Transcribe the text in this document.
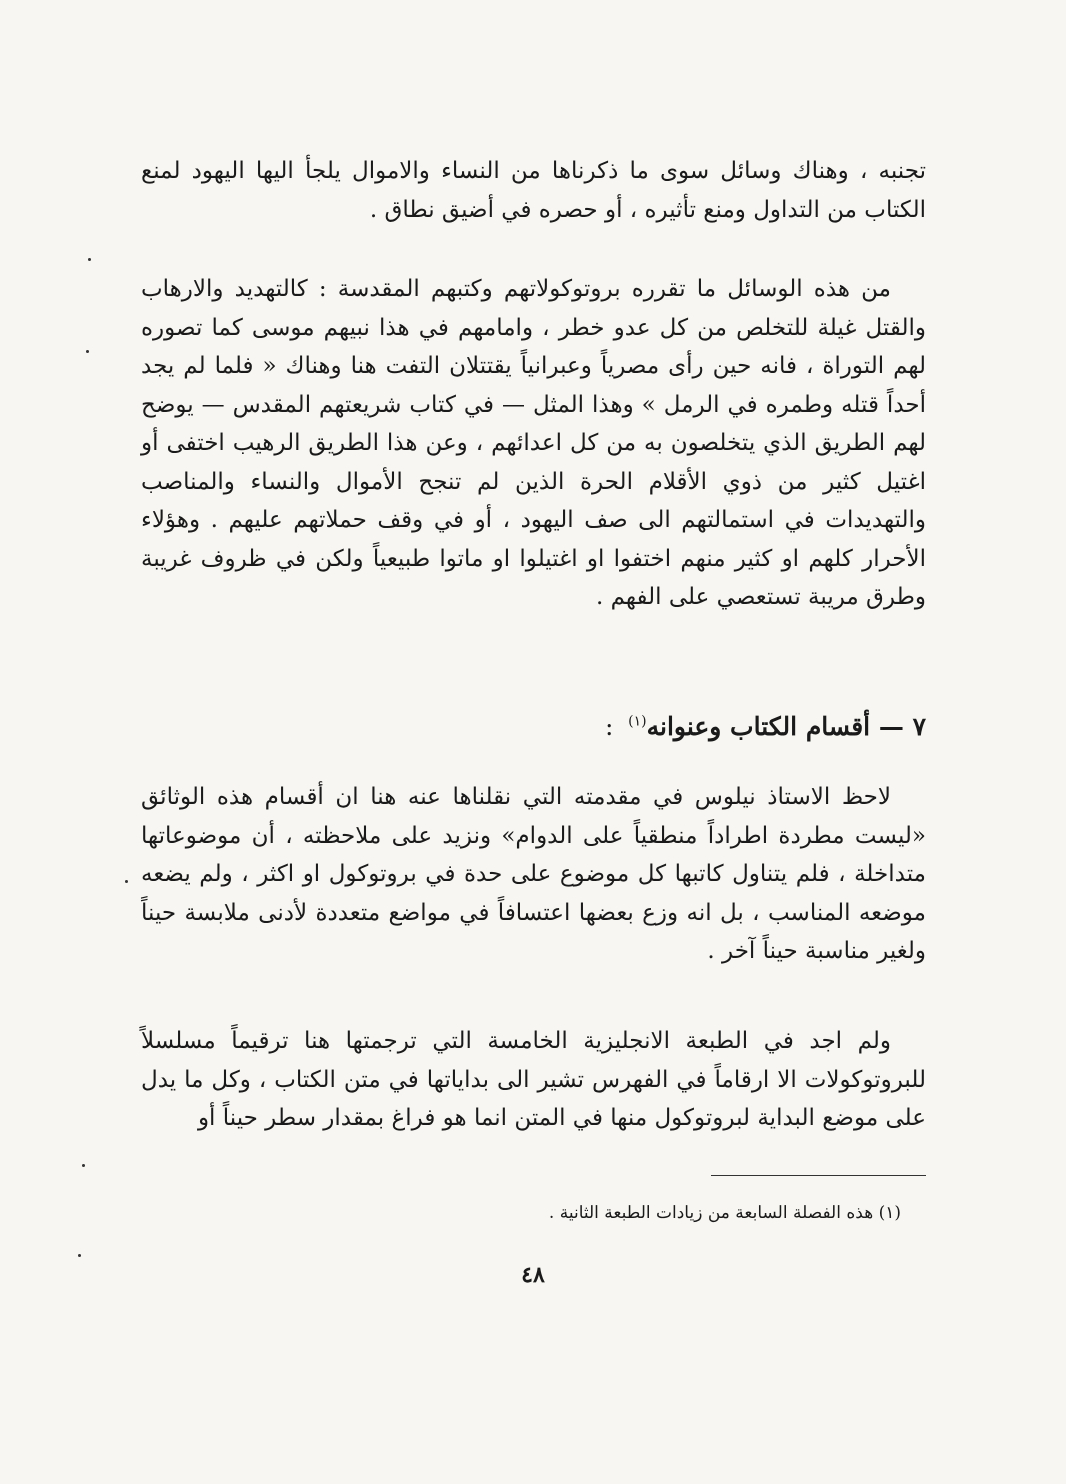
تجنبه ، وهناك وسائل سوى ما ذكرناها من النساء والاموال يلجأ اليها اليهود لمنع الكتاب من التداول ومنع تأثيره ، أو حصره في أضيق نطاق .

من هذه الوسائل ما تقرره بروتوكولاتهم وكتبهم المقدسة : كالتهديد والارهاب والقتل غيلة للتخلص من كل عدو خطر ، وامامهم في هذا نبيهم موسى كما تصوره لهم التوراة ، فانه حين رأى مصرياً وعبرانياً يقتتلان التفت هنا وهناك « فلما لم يجد أحداً قتله وطمره في الرمل » وهذا المثل — في كتاب شريعتهم المقدس — يوضح لهم الطريق الذي يتخلصون به من كل اعدائهم ، وعن هذا الطريق الرهيب اختفى أو اغتيل كثير من ذوي الأقلام الحرة الذين لم تنجح الأموال والنساء والمناصب والتهديدات في استمالتهم الى صف اليهود ، أو في وقف حملاتهم عليهم . وهؤلاء الأحرار كلهم او كثير منهم اختفوا او اغتيلوا او ماتوا طبيعياً ولكن في ظروف غريبة وطرق مريبة تستعصي على الفهم .

٧ — أقسام الكتاب وعنوانه$^{(١)}$ :

لاحظ الاستاذ نيلوس في مقدمته التي نقلناها عنه هنا ان أقسام هذه الوثائق «ليست مطردة اطراداً منطقياً على الدوام» ونزيد على ملاحظته ، أن موضوعاتها متداخلة ، فلم يتناول كاتبها كل موضوع على حدة في بروتوكول او اكثر ، ولم يضعه موضعه المناسب ، بل انه وزع بعضها اعتسافاً في مواضع متعددة لأدنى ملابسة حيناً ولغير مناسبة حيناً آخر .

ولم اجد في الطبعة الانجليزية الخامسة التي ترجمتها هنا ترقيماً مسلسلاً للبروتوكولات الا ارقاماً في الفهرس تشير الى بداياتها في متن الكتاب ، وكل ما يدل على موضع البداية لبروتوكول منها في المتن انما هو فراغ بمقدار سطر حيناً أو

(١) هذه الفصلة السابعة من زيادات الطبعة الثانية .
٤٨
